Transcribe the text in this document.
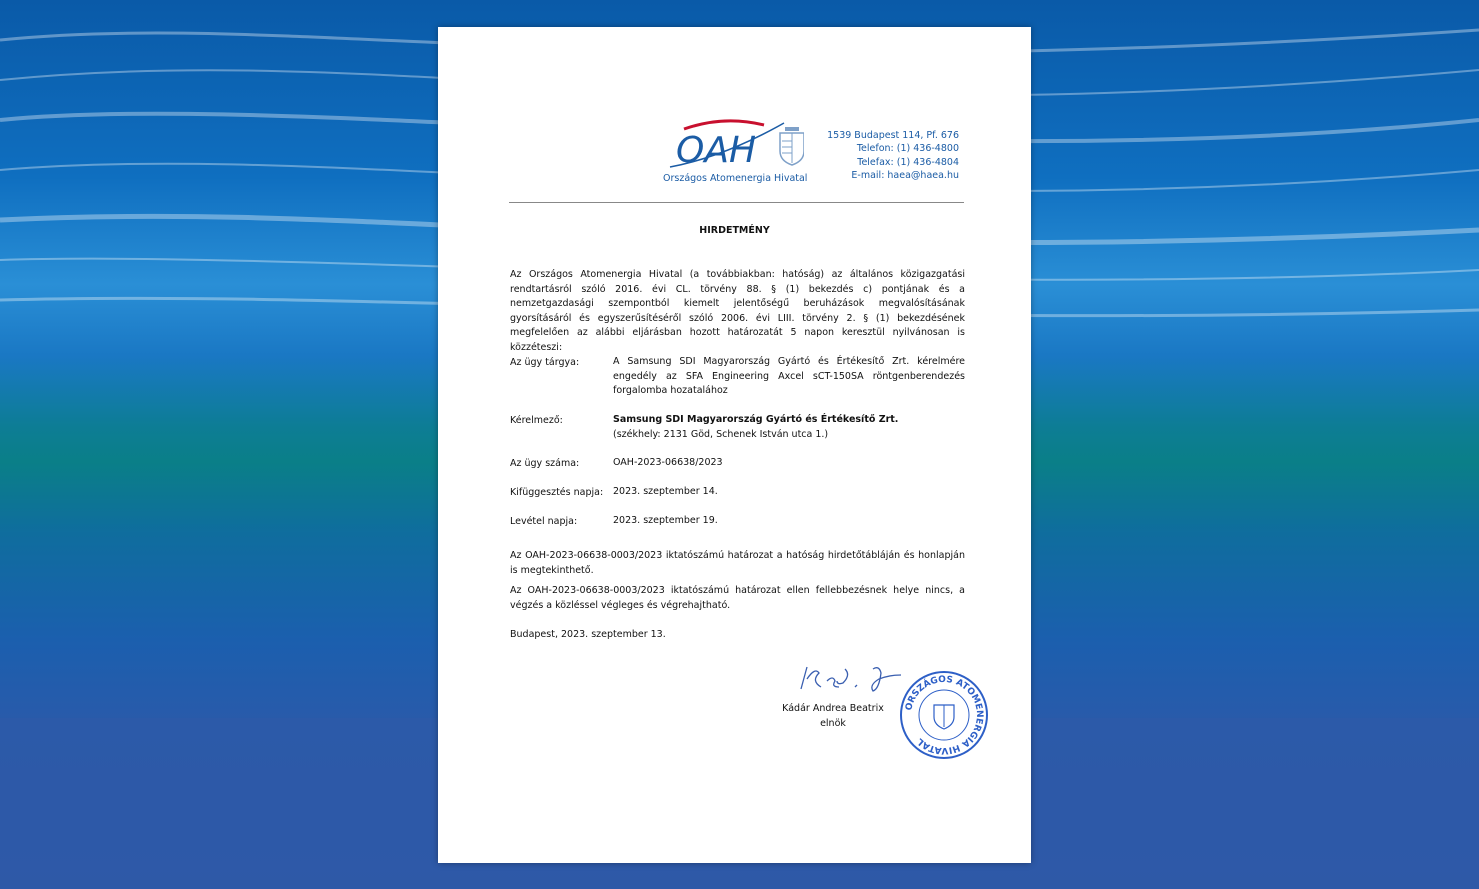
OAH
Országos Atomenergia Hivatal
1539 Budapest 114, Pf. 676
Telefon: (1) 436-4800
Telefax: (1) 436-4804
E-mail: haea@haea.hu
HIRDETMÉNY
Az Országos Atomenergia Hivatal (a továbbiakban: hatóság) az általános közigazgatási rendtartásról szóló 2016. évi CL. törvény 88. § (1) bekezdés c) pontjának és a nemzetgazdasági szempontból kiemelt jelentőségű beruházások megvalósításának gyorsításáról és egyszerűsítéséről szóló 2006. évi LIII. törvény 2. § (1) bekezdésének megfelelően az alábbi eljárásban hozott határozatát 5 napon keresztül nyilvánosan is közzéteszi:
Az ügy tárgya:	A Samsung SDI Magyarország Gyártó és Értékesítő Zrt. kérelmére engedély az SFA Engineering Axcel sCT-150SA röntgenberendezés forgalomba hozatalához
Kérelmező:	Samsung SDI Magyarország Gyártó és Értékesítő Zrt.
(székhely: 2131 Göd, Schenek István utca 1.)
Az ügy száma:	OAH-2023-06638/2023
Kifüggesztés napja: 2023. szeptember 14.
Levétel napja:	2023. szeptember 19.
Az OAH-2023-06638-0003/2023 iktatószámú határozat a hatóság hirdetőtábláján és honlapján is megtekinthető.
Az OAH-2023-06638-0003/2023 iktatószámú határozat ellen fellebbezésnek helye nincs, a végzés a közléssel végleges és végrehajtható.
Budapest, 2023. szeptember 13.
Kádár Andrea Beatrix
elnök
ORSZÁGOS ATOMENERGIA HIVATAL
